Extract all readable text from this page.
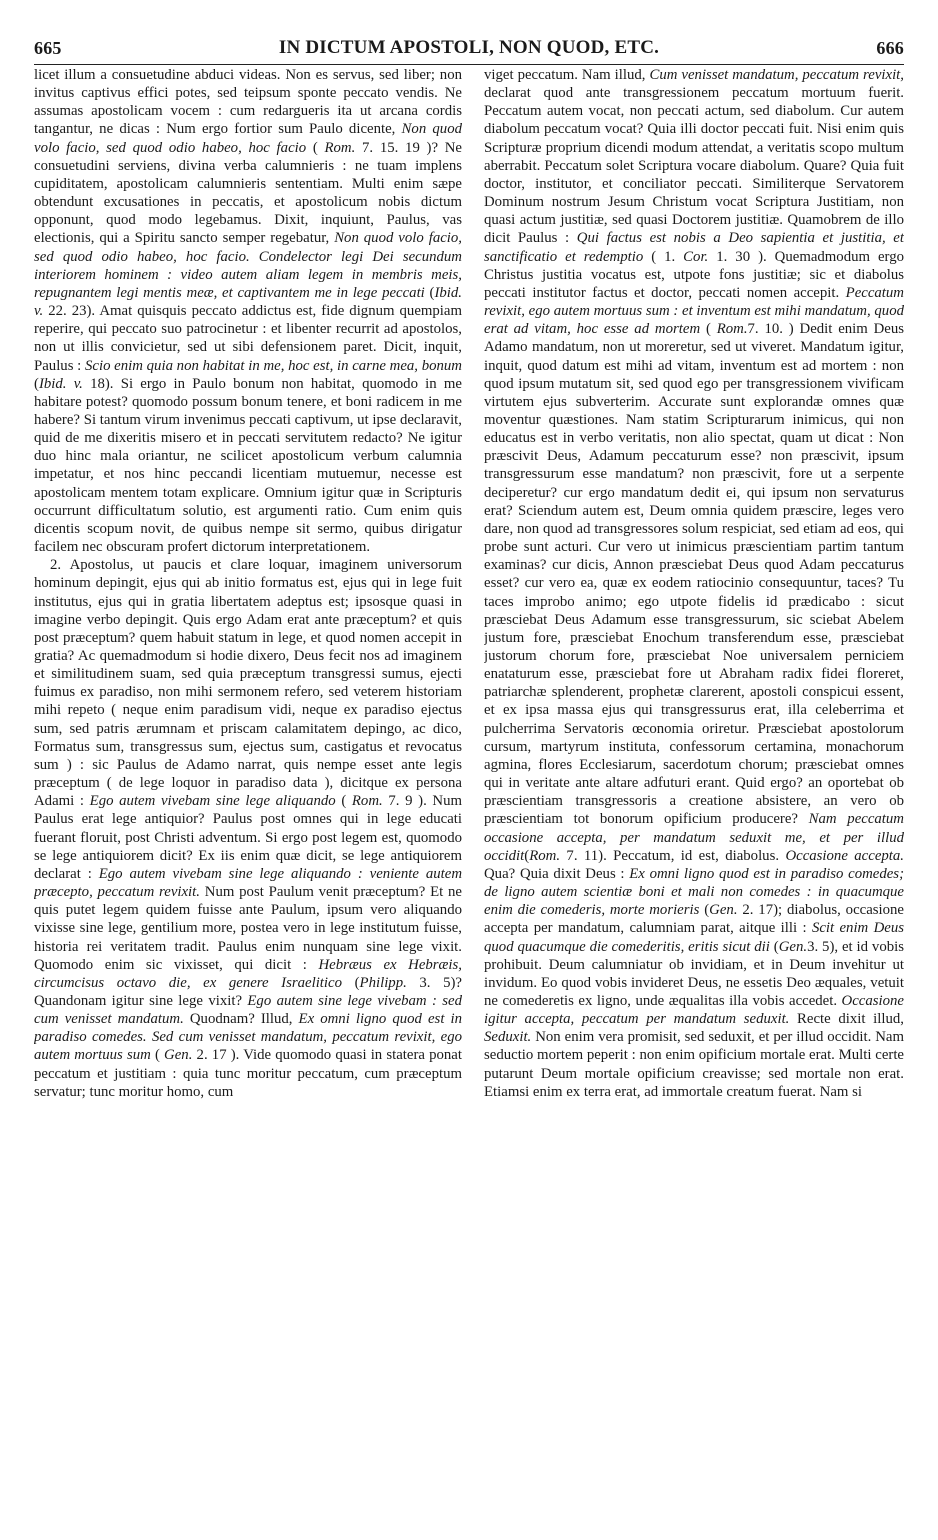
665	IN DICTUM APOSTOLI, NON QUOD, ETC.	666

licet illum a consuetudine abduci videas. Non es servus, sed liber; non invitus captivus effici potes, sed teipsum sponte peccato vendis. Ne assumas apostolicam vocem : cum redargueris ita ut arcana cordis tangantur, ne dicas : Num ergo fortior sum Paulo dicente, Non quod volo facio, sed quod odio habeo, hoc facio ( Rom. 7. 15. 19 )? Ne consuetudini serviens, divina verba calumnieris : ne tuam implens cupiditatem, apostolicam calumnieris sententiam. Multi enim sæpe obtendunt excusationes in peccatis, et apostolicum nobis dictum opponunt, quod modo legebamus. Dixit, inquiunt, Paulus, vas electionis, qui a Spiritu sancto semper regebatur, Non quod volo facio, sed quod odio habeo, hoc facio. Condelector legi Dei secundum interiorem hominem : video autem aliam legem in membris meis, repugnantem legi mentis meæ, et captivantem me in lege peccati (Ibid. v. 22. 23). Amat quisquis peccato addictus est, fide dignum quempiam reperire, qui peccato suo patrocinetur : et libenter recurrit ad apostolos, non ut illis convicietur, sed ut sibi defensionem paret. Dicit, inquit, Paulus : Scio enim quia non habitat in me, hoc est, in carne mea, bonum (Ibid. v. 18). Si ergo in Paulo bonum non habitat, quomodo in me habitare potest? quomodo possum bonum tenere, et boni radicem in me habere? Si tantum virum invenimus peccati captivum, ut ipse declaravit, quid de me dixeritis misero et in peccati servitutem redacto? Ne igitur duo hinc mala oriantur, ne scilicet apostolicum verbum calumnia impetatur, et nos hinc peccandi licentiam mutuemur, necesse est apostolicam mentem totam explicare. Omnium igitur quæ in Scripturis occurrunt difficultatum solutio, est argumenti ratio. Cum enim quis dicentis scopum novit, de quibus nempe sit sermo, quibus dirigatur facilem nec obscuram profert dictorum interpretationem.

2. Apostolus, ut paucis et clare loquar, imaginem universorum hominum depingit, ejus qui ab initio formatus est, ejus qui in lege fuit institutus, ejus qui in gratia libertatem adeptus est; ipsosque quasi in imagine verbo depingit. Quis ergo Adam erat ante præceptum? et quis post præceptum? quem habuit statum in lege, et quod nomen accepit in gratia? Ac quemadmodum si hodie dixero, Deus fecit nos ad imaginem et similitudinem suam, sed quia præceptum transgressi sumus, ejecti fuimus ex paradiso, non mihi sermonem refero, sed veterem historiam mihi repeto ( neque enim paradisum vidi, neque ex paradiso ejectus sum, sed patris ærumnam et priscam calamitatem depingo, ac dico, Formatus sum, transgressus sum, ejectus sum, castigatus et revocatus sum ) : sic Paulus de Adamo narrat, quis nempe esset ante legis præceptum ( de lege loquor in paradiso data ), dicitque ex persona Adami : Ego autem vivebam sine lege aliquando ( Rom. 7. 9 ). Num Paulus erat lege antiquior? Paulus post omnes qui in lege educati fuerant floruit, post Christi adventum. Si ergo post legem est, quomodo se lege antiquiorem dicit? Ex iis enim quæ dicit, se lege antiquiorem declarat : Ego autem vivebam sine lege aliquando : veniente autem præcepto, peccatum revixit. Num post Paulum venit præceptum? Et ne quis putet legem quidem fuisse ante Paulum, ipsum vero aliquando vixisse sine lege, gentilium more, postea vero in lege institutum fuisse, historia rei veritatem tradit. Paulus enim nunquam sine lege vixit. Quomodo enim sic vixisset, qui dicit : Hebræus ex Hebræis, circumcisus octavo die, ex genere Israelitico (Philipp. 3. 5)? Quandonam igitur sine lege vixit? Ego autem sine lege vivebam : sed cum venisset mandatum. Quodnam? Illud, Ex omni ligno quod est in paradiso comedes. Sed cum venisset mandatum, peccatum revixit, ego autem mortuus sum ( Gen. 2. 17 ). Vide quomodo quasi in statera ponat peccatum et justitiam : quia tunc moritur peccatum, cum præceptum servatur; tunc moritur homo, cum

viget peccatum. Nam illud, Cum venisset mandatum, peccatum revixit, declarat quod ante transgressionem peccatum mortuum fuerit. Peccatum autem vocat, non peccati actum, sed diabolum. Cur autem diabolum peccatum vocat? Quia illi doctor peccati fuit. Nisi enim quis Scripturæ proprium dicendi modum attendat, a veritatis scopo multum aberrabit. Peccatum solet Scriptura vocare diabolum. Quare? Quia fuit doctor, institutor, et conciliator peccati. Similiterque Servatorem Dominum nostrum Jesum Christum vocat Scriptura Justitiam, non quasi actum justitiæ, sed quasi Doctorem justitiæ. Quamobrem de illo dicit Paulus : Qui factus est nobis a Deo sapientia et justitia, et sanctificatio et redemptio ( 1. Cor. 1. 30 ). Quemadmodum ergo Christus justitia vocatus est, utpote fons justitiæ; sic et diabolus peccati institutor factus et doctor, peccati nomen accepit. Peccatum revixit, ego autem mortuus sum : et inventum est mihi mandatum, quod erat ad vitam, hoc esse ad mortem ( Rom.7. 10. ) Dedit enim Deus Adamo mandatum, non ut moreretur, sed ut viveret. Mandatum igitur, inquit, quod datum est mihi ad vitam, inventum est ad mortem : non quod ipsum mutatum sit, sed quod ego per transgressionem vivificam virtutem ejus subverterim. Accurate sunt explorandæ omnes quæ moventur quæstiones. Nam statim Scripturarum inimicus, qui non educatus est in verbo veritatis, non alio spectat, quam ut dicat : Non præscivit Deus, Adamum peccaturum esse? non præscivit, ipsum transgressurum esse mandatum? non præscivit, fore ut a serpente deciperetur? cur ergo mandatum dedit ei, qui ipsum non servaturus erat? Sciendum autem est, Deum omnia quidem præscire, leges vero dare, non quod ad transgressores solum respiciat, sed etiam ad eos, qui probe sunt acturi. Cur vero ut inimicus præscientiam partim tantum examinas? cur dicis, Annon præsciebat Deus quod Adam peccaturus esset? cur vero ea, quæ ex eodem ratiocinio consequuntur, taces? Tu taces improbo animo; ego utpote fidelis id prædicabo : sicut præsciebat Deus Adamum esse transgressurum, sic sciebat Abelem justum fore, præsciebat Enochum transferendum esse, præsciebat justorum chorum fore, præsciebat Noe universalem perniciem enataturum esse, præsciebat fore ut Abraham radix fidei floreret, patriarchæ splenderent, prophetæ clarerent, apostoli conspicui essent, et ex ipsa massa ejus qui transgressurus erat, illa celeberrima et pulcherrima Servatoris œconomia oriretur. Præsciebat apostolorum cursum, martyrum instituta, confessorum certamina, monachorum agmina, flores Ecclesiarum, sacerdotum chorum; præsciebat omnes qui in veritate ante altare adfuturi erant. Quid ergo? an oportebat ob præscientiam transgressoris a creatione absistere, an vero ob præscientiam tot bonorum opificium producere? Nam peccatum occasione accepta, per mandatum seduxit me, et per illud occidit(Rom. 7. 11). Peccatum, id est, diabolus. Occasione accepta. Qua? Quia dixit Deus : Ex omni ligno quod est in paradiso comedes; de ligno autem scientiæ boni et mali non comedes : in quacumque enim die comederis, morte morieris (Gen. 2. 17); diabolus, occasione accepta per mandatum, calumniam parat, aitque illi : Scit enim Deus quod quacumque die comederitis, eritis sicut dii (Gen.3. 5), et id vobis prohibuit. Deum calumniatur ob invidiam, et in Deum invehitur ut invidum. Eo quod vobis invideret Deus, ne essetis Deo æquales, vetuit ne comederetis ex ligno, unde æqualitas illa vobis accedet. Occasione igitur accepta, peccatum per mandatum seduxit. Recte dixit illud, Seduxit. Non enim vera promisit, sed seduxit, et per illud occidit. Nam seductio mortem peperit : non enim opificium mortale erat. Multi certe putarunt Deum mortale opificium creavisse; sed mortale non erat. Etiamsi enim ex terra erat, ad immortale creatum fuerat. Nam si
